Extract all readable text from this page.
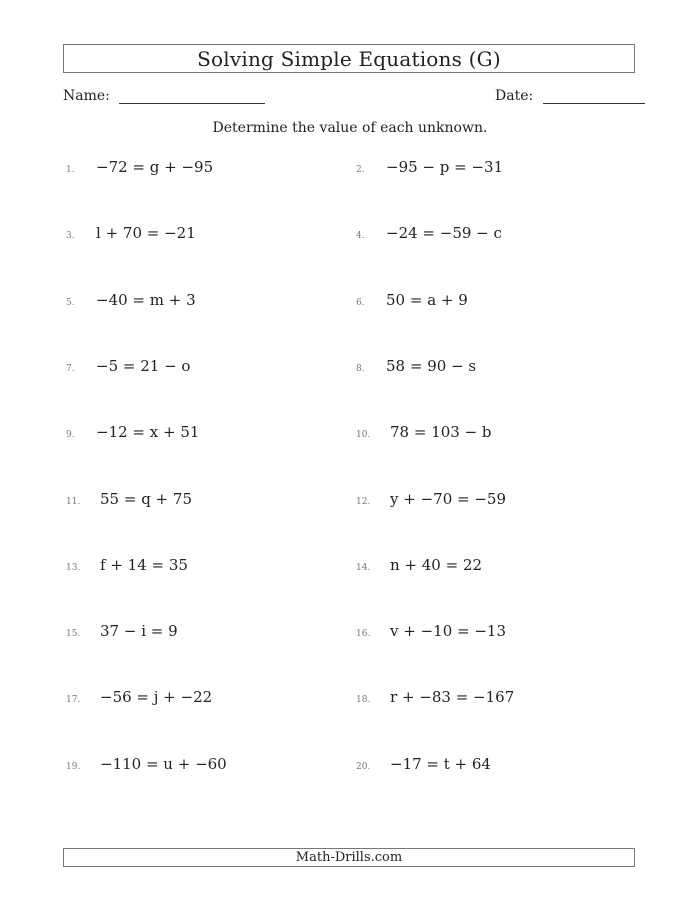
Solving Simple Equations (G)
Name:	Date:
Determine the value of each unknown.
1.	−72 = g + −95	2.	−95 − p = −31
3.	l + 70 = −21	4.	−24 = −59 − c
5.	−40 = m + 3	6.	50 = a + 9
7.	−5 = 21 − o	8.	58 = 90 − s
9.	−12 = x + 51	10.	78 = 103 − b
11.	55 = q + 75	12.	y + −70 = −59
13.	f + 14 = 35	14.	n + 40 = 22
15.	37 − i = 9	16.	v + −10 = −13
17.	−56 = j + −22	18.	r + −83 = −167
19.	−110 = u + −60	20.	−17 = t + 64
Math-Drills.com
